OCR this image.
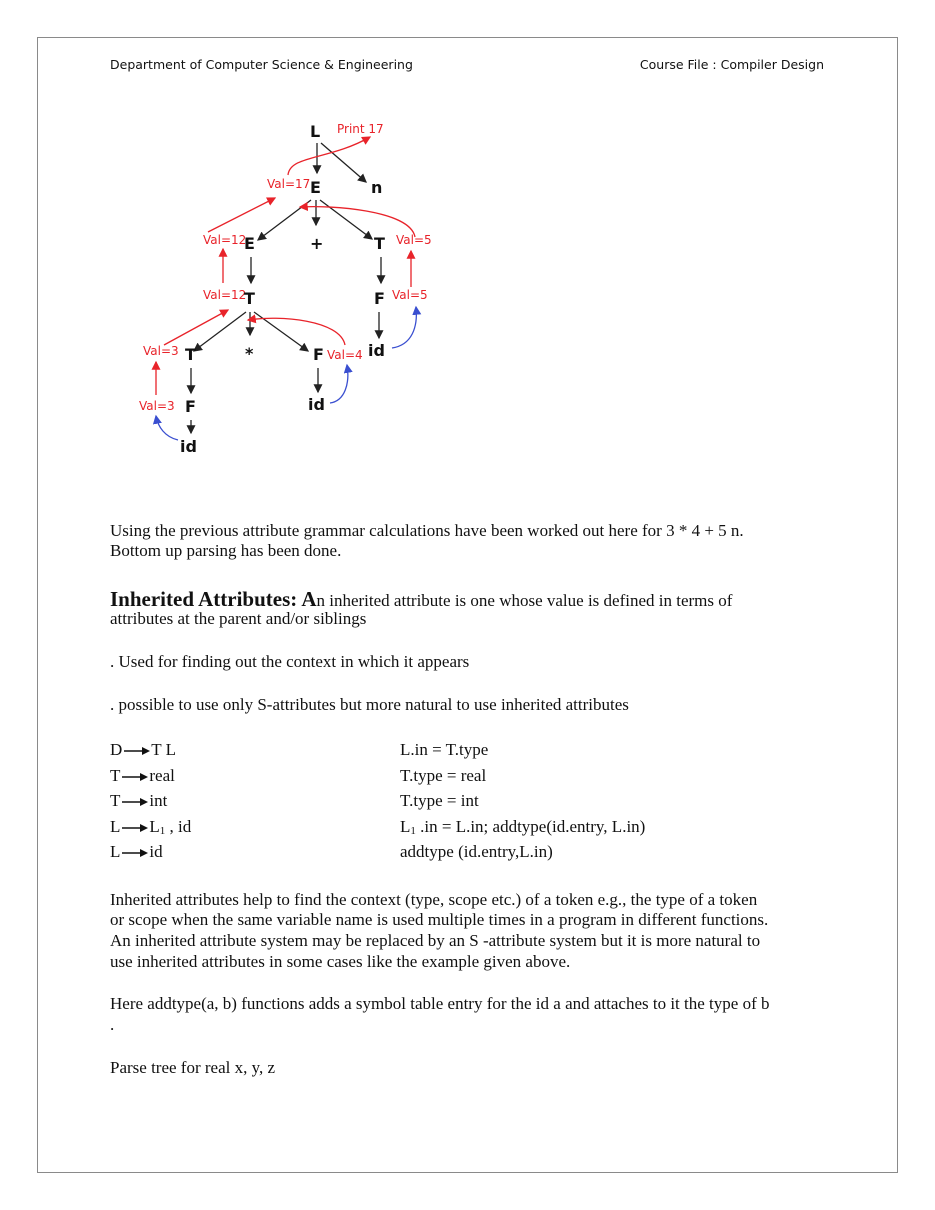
Department of Computer Science & Engineering	Course File : Compiler Design
Print 17
Val=17
Val=12	Val=5
Val=12	Val=5
Val=3	Val=4
Val=3
L
E	n
E	+	T
T	F
id
T	*	F
id
F
id
Using the previous attribute grammar calculations have been worked out here for 3 * 4 + 5 n.
Bottom up parsing has been done.
Inherited Attributes: An inherited attribute is one whose value is defined in terms of
attributes at the parent and/or siblings
. Used for finding out the context in which it appears
. possible to use only S-attributes but more natural to use inherited attributes
D T L	L.in = T.type
T real	T.type = real
T int	T.type = int
L $L_1$ , id	$L_1$ .in = L.in; addtype(id.entry, L.in)
L id	addtype (id.entry,L.in)
Inherited attributes help to find the context (type, scope etc.) of a token e.g., the type of a token
or scope when the same variable name is used multiple times in a program in different functions.
An inherited attribute system may be replaced by an S -attribute system but it is more natural to
use inherited attributes in some cases like the example given above.
Here addtype(a, b) functions adds a symbol table entry for the id a and attaches to it the type of b
.
Parse tree for real x, y, z
